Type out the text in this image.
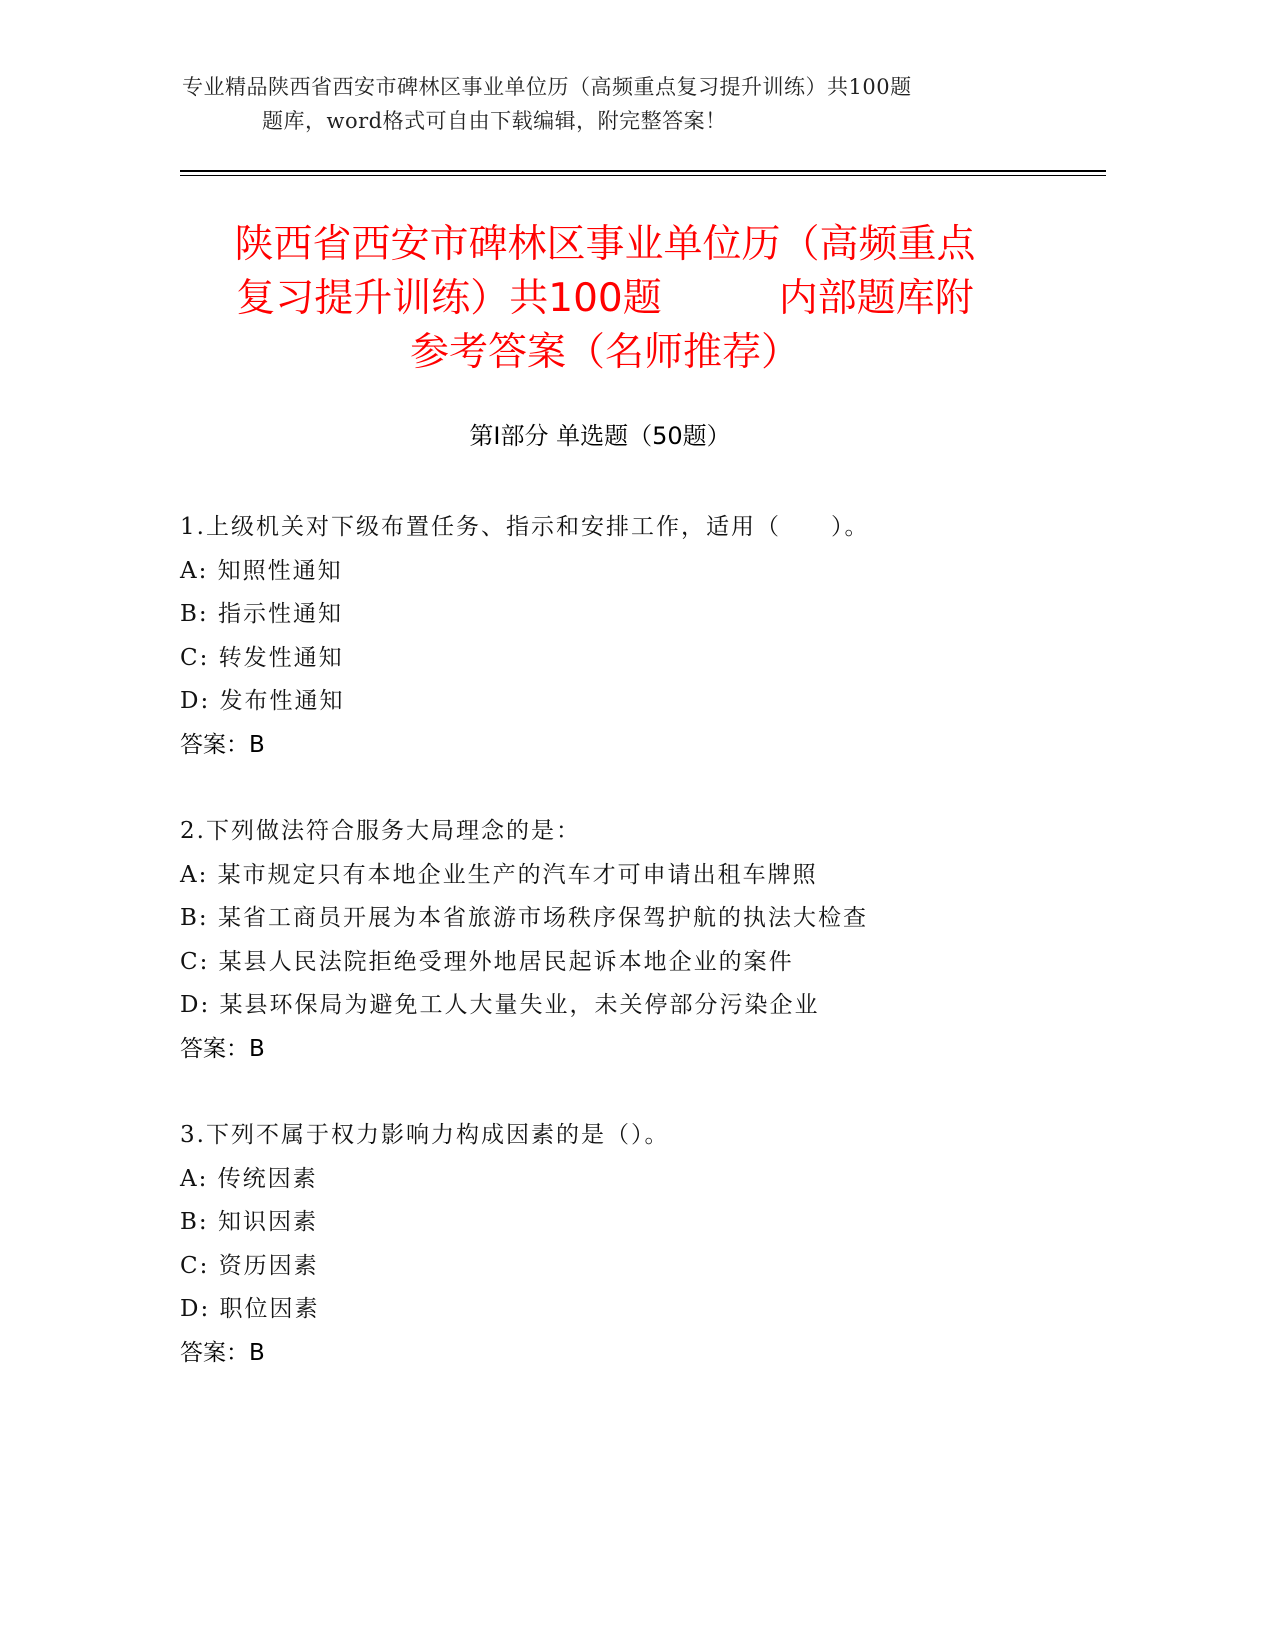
专业精品陕西省西安市碑林区事业单位历（高频重点复习提升训练）共100题
题库，word格式可自由下载编辑，附完整答案！
陕西省西安市碑林区事业单位历（高频重点
复习提升训练）共100题　　　内部题库附
参考答案（名师推荐）
第Ⅰ部分 单选题（50题）
1.上级机关对下级布置任务、指示和安排工作，适用（　　）。
A: 知照性通知
B: 指示性通知
C: 转发性通知
D: 发布性通知
答案：B
2.下列做法符合服务大局理念的是：
A: 某市规定只有本地企业生产的汽车才可申请出租车牌照
B: 某省工商员开展为本省旅游市场秩序保驾护航的执法大检查
C: 某县人民法院拒绝受理外地居民起诉本地企业的案件
D: 某县环保局为避免工人大量失业，未关停部分污染企业
答案：B
3.下列不属于权力影响力构成因素的是（）。
A: 传统因素
B: 知识因素
C: 资历因素
D: 职位因素
答案：B
